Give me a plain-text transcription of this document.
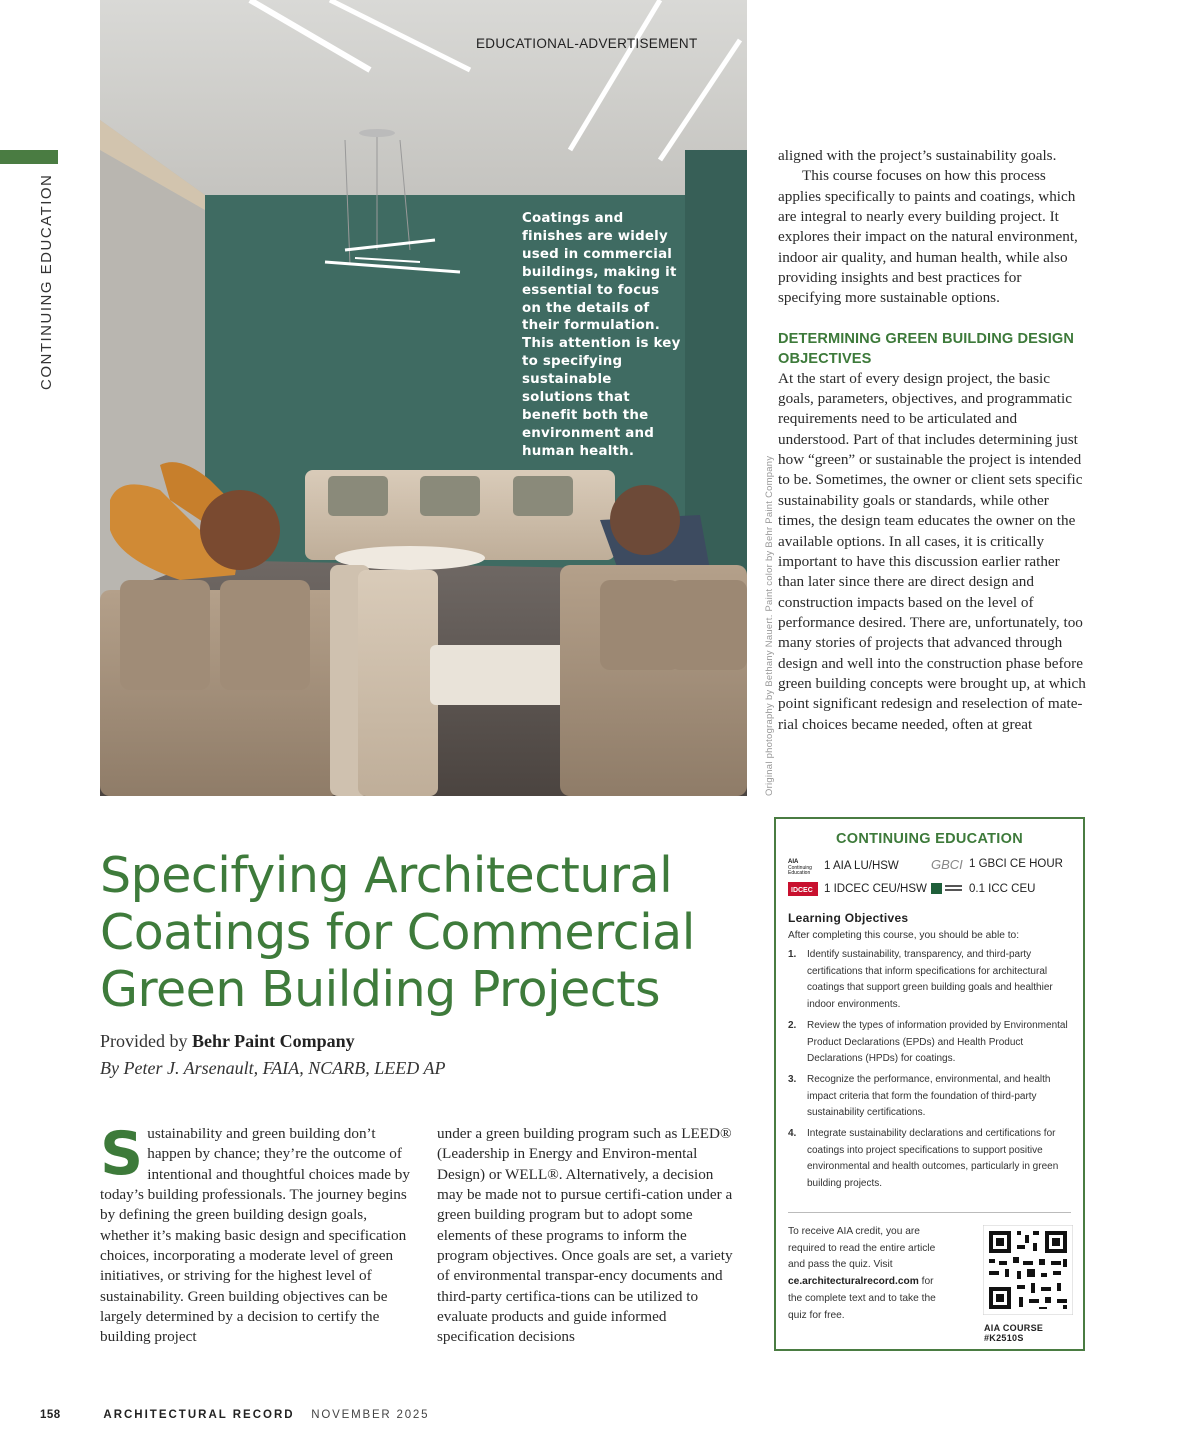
CONTINUING EDUCATION	Coatings and finishes are widely used in commercial buildings, making it essential to focus on the details of their formulation. This attention is key to specifying sustainable solutions that benefit both the environment and human health.
EDUCATIONAL-ADVERTISEMENT
Original photography by Bethany Nauert. Paint color by Behr Paint Company

aligned with the project’s sustainability goals.

This course focuses on how this process applies specifically to paints and coatings, which are integral to nearly every building project. It explores their impact on the natural environment, indoor air quality, and human health, while also providing insights and best practices for specifying more sustainable options.

DETERMINING GREEN BUILDING DESIGN OBJECTIVES

At the start of every design project, the basic goals, parameters, objectives, and programmatic requirements need to be articulated and understood. Part of that includes determining just how “green” or sustainable the project is intended to be. Sometimes, the owner or client sets specific sustainability goals or standards, while other times, the design team educates the owner on the available options. In all cases, it is critically important to have this discussion earlier rather than later since there are direct design and construction impacts based on the level of performance desired. There are, unfortunately, too many stories of projects that advanced through design and well into the construction phase before green building concepts were brought up, at which point significant redesign and reselection of mate-rial choices became needed, often at great

Specifying Architectural Coatings for Commercial Green Building Projects
Provided by Behr Paint Company
By Peter J. Arsenault, FAIA, NCARB, LEED AP
S ustainability and green building don’t happen by chance; they’re the outcome of intentional and thoughtful choices made by today’s building professionals. The journey begins by defining the green building design goals, whether it’s making basic design and specification choices, incorporating a moderate level of green initiatives, or striving for the highest level of sustainability. Green building objectives can be largely determined by a decision to certify the building project

under a green building program such as LEED® (Leadership in Energy and Environ-mental Design) or WELL®. Alternatively, a decision may be made not to pursue certifi-cation under a green building program but to adopt some elements of these programs to inform the program objectives. Once goals are set, a variety of environmental transpar-ency documents and third-party certifica-tions can be utilized to evaluate products and guide informed specification decisions

CONTINUING EDUCATION
AIA
Continuing
Education
1 AIA LU/HSW GBCI 1 GBCI CE HOUR
IDCEC 1 IDCEC CEU/HSW	0.1 ICC CEU
Learning Objectives
After completing this course, you should be able to:
1. Identify sustainability, transparency, and third-party certifications that inform specifications for architectural coatings that support green building goals and healthier indoor environments.
2. Review the types of information provided by Environmental Product Declarations (EPDs) and Health Product Declarations (HPDs) for coatings.
3. Recognize the performance, environmental, and health impact criteria that form the foundation of third-party sustainability certifications.
4. Integrate sustainability declarations and certifications for coatings into project specifications to support positive environmental and health outcomes, particularly in green building projects.
To receive AIA credit, you are required to read the entire article and pass the quiz. Visit ce.architecturalrecord.com for the complete text and to take the quiz for free.
AIA COURSE #K2510S
158	ARCHITECTURAL RECORD NOVEMBER 2025
